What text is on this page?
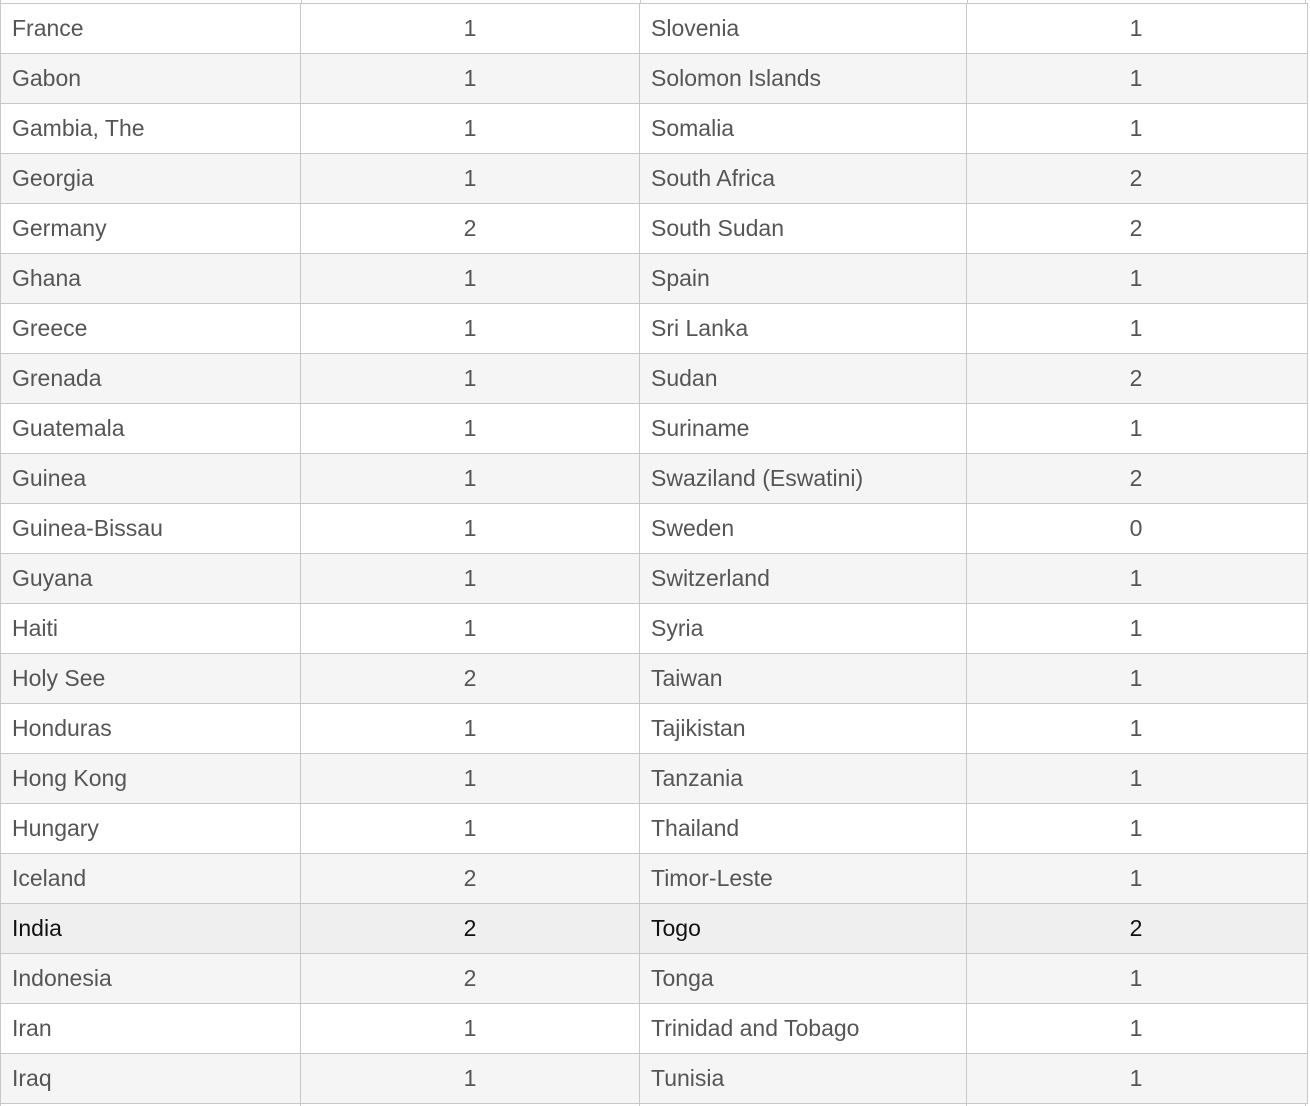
France	1	Slovenia	1
Gabon	1	Solomon Islands	1
Gambia, The	1	Somalia	1
Georgia	1	South Africa	2
Germany	2	South Sudan	2
Ghana	1	Spain	1
Greece	1	Sri Lanka	1
Grenada	1	Sudan	2
Guatemala	1	Suriname	1
Guinea	1	Swaziland (Eswatini)	2
Guinea-Bissau	1	Sweden	0
Guyana	1	Switzerland	1
Haiti	1	Syria	1
Holy See	2	Taiwan	1
Honduras	1	Tajikistan	1
Hong Kong	1	Tanzania	1
Hungary	1	Thailand	1
Iceland	2	Timor-Leste	1
India	2	Togo	2
Indonesia	2	Tonga	1
Iran	1	Trinidad and Tobago	1
Iraq	1	Tunisia	1
